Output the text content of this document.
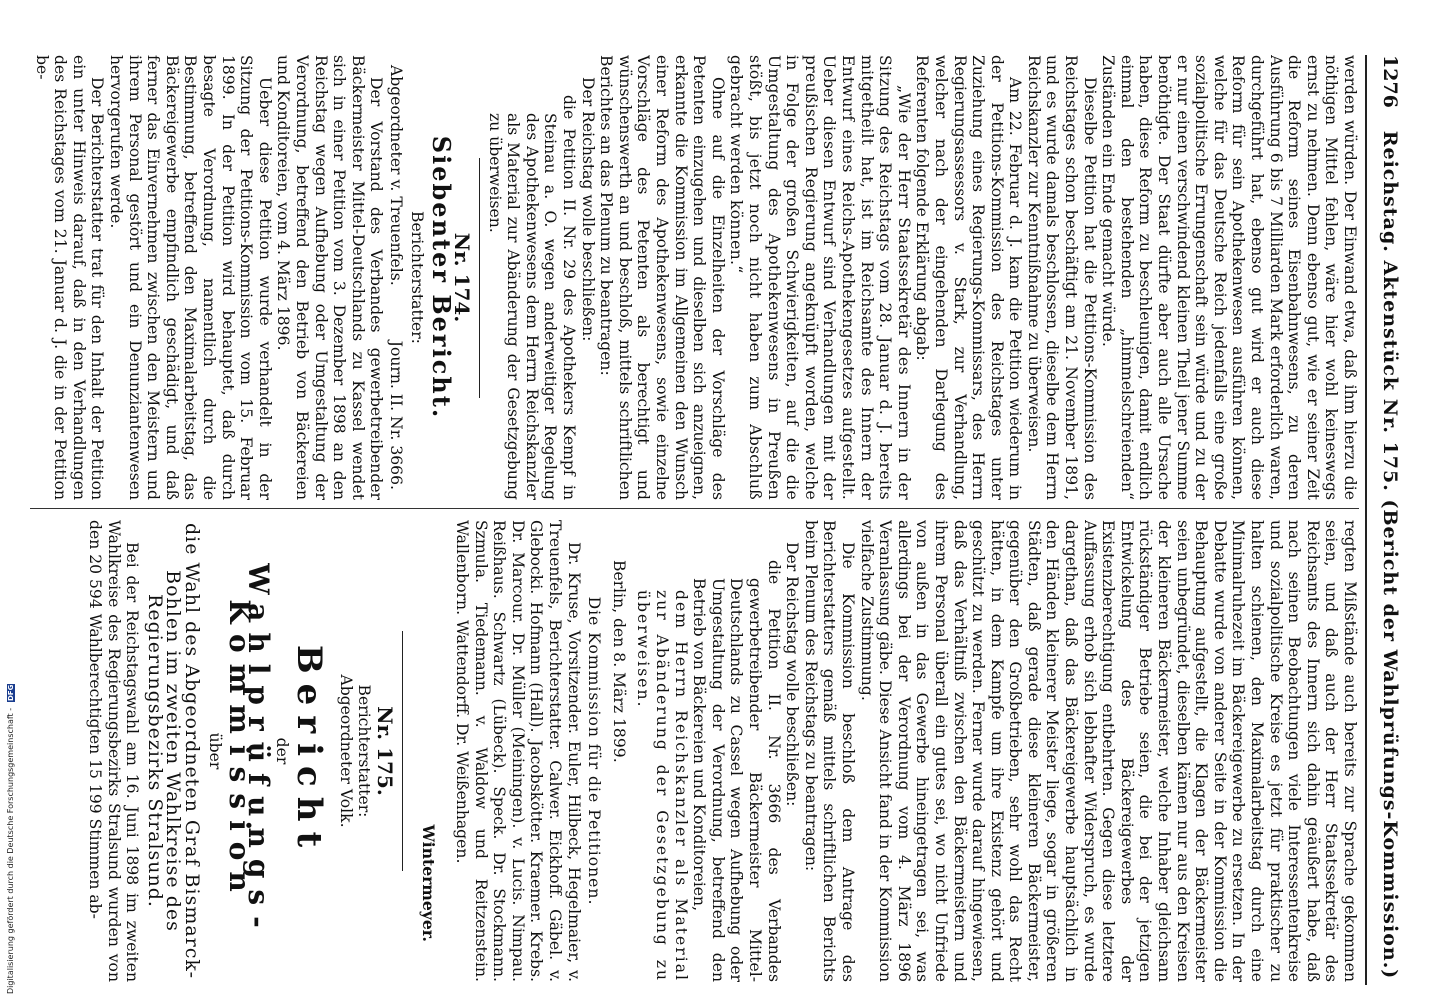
1276
Reichstag. Aktenstück Nr. 175. (Bericht der Wahlprüfungs-Kommission.)

werden würden. Der Einwand etwa, daß ihm hierzu die nöthigen Mittel fehlen, wäre hier wohl keineswegs ernst zu nehmen. Denn ebenso gut, wie er seiner Zeit die Reform seines Eisenbahnwesens, zu deren Ausführung 6 bis 7 Milliarden Mark erforderlich waren, durchgeführt hat, ebenso gut wird er auch diese Reform für sein Apothekenwesen ausführen können, welche für das Deutsche Reich jedenfalls eine große sozialpolitische Errungenschaft sein würde und zu der er nur einen verschwindend kleinen Theil jener Summe benöthigte. Der Staat dürfte aber auch alle Ursache haben, diese Reform zu beschleunigen, damit endlich einmal den bestehenden „himmelschreienden“ Zuständen ein Ende gemacht würde.

Dieselbe Petition hat die Petitions-Kommission des Reichstages schon beschäftigt am 21. November 1891, und es wurde damals beschlossen, dieselbe dem Herrn Reichskanzler zur Kenntnißnahme zu überweisen.

Am 22. Februar d. J. kam die Petition wiederum in der Petitions-Kommission des Reichstages unter Zuziehung eines Regierungs-Kommissars, des Herrn Regierungsassessors v. Stark, zur Verhandlung, welcher nach der eingehenden Darlegung des Referenten folgende Erklärung abgab:

„Wie der Herr Staatssekretär des Innern in der Sitzung des Reichstags vom 28. Januar d. J. bereits mitgetheilt hat, ist im Reichsamte des Innern der Entwurf eines Reichs-Apothekengesetzes aufgestellt. Ueber diesen Entwurf sind Verhandlungen mit der preußischen Regierung angeknüpft worden, welche in Folge der großen Schwierigkeiten, auf die die Umgestaltung des Apothekenwesens in Preußen stößt, bis jetzt noch nicht haben zum Abschluß gebracht werden können.“

Ohne auf die Einzelheiten der Vorschläge des Petenten einzugehen und dieselben sich anzueignen, erkannte die Kommission im Allgemeinen den Wunsch einer Reform des Apothekenwesens, sowie einzelne Vorschläge des Petenten als berechtigt und wünschenswerth an und beschloß, mittels schriftlichen Berichtes an das Plenum zu beantragen:

Der Reichstag wolle beschließen:

die Petition II. Nr. 29 des Apothekers Kempf in Steinau a. O. wegen anderweitiger Regelung des Apothekenwesens dem Herrn Reichskanzler als Material zur Abänderung der Gesetzgebung zu überweisen.

Nr. 174.
Siebenter Bericht.
Berichterstatter:
Abgeordneter v. Treuenfels.
Journ. II. Nr. 3666.

Der Vorstand des Verbandes gewerbetreibender Bäckermeister Mittel-Deutschlands zu Kassel wendet sich in einer Petition vom 3. Dezember 1898 an den Reichstag wegen Aufhebung oder Umgestaltung der Verordnung, betreffend den Betrieb von Bäckereien und Konditoreien, vom 4. März 1896.

Ueber diese Petition wurde verhandelt in der Sitzung der Petitions-Kommission vom 15. Februar 1899. In der Petition wird behauptet, daß durch besagte Verordnung, namentlich durch die Bestimmung, betreffend den Maximalarbeitstag, das Bäckereigewerbe empfindlich geschädigt, und daß ferner das Einvernehmen zwischen den Meistern und ihrem Personal gestört und ein Denunziantenwesen hervorgerufen werde.

Der Berichterstatter trat für den Inhalt der Petition ein unter Hinweis darauf, daß in den Verhandlungen des Reichstages vom 21. Januar d. J. die in der Petition be-

regten Mißstände auch bereits zur Sprache gekommen seien, und daß auch der Herr Staatssekretär des Reichsamts des Innern sich dahin geäußert habe, daß nach seinen Beobachtungen viele Interessentenkreise und sozialpolitische Kreise es jetzt für praktischer zu halten schienen, den Maximalarbeitstag durch eine Minimalruhezeit im Bäckereigewerbe zu ersetzen. In der Debatte wurde von anderer Seite in der Kommission die Behauptung aufgestellt, die Klagen der Bäckermeister seien unbegründet, dieselben kämen nur aus den Kreisen der kleineren Bäckermeister, welche Inhaber gleichsam rückständiger Betriebe seien, die bei der jetzigen Entwickelung des Bäckereigewerbes der Existenzberechtigung entbehrten. Gegen diese letztere Auffassung erhob sich lebhafter Widerspruch, es wurde dargethan, daß das Bäckereigewerbe hauptsächlich in den Händen kleinerer Meister liege, sogar in größeren Städten, daß gerade diese kleineren Bäckermeister, gegenüber den Großbetrieben, sehr wohl das Recht hätten, in dem Kampfe um ihre Existenz gehört und geschützt zu werden. Ferner wurde darauf hingewiesen, daß das Verhältniß zwischen den Bäckermeistern und ihrem Personal überall ein gutes sei, wo nicht Unfriede von außen in das Gewerbe hineingetragen sei, was allerdings bei der Verordnung vom 4. März 1896 Veranlassung gäbe. Diese Ansicht fand in der Kommission vielfache Zustimmung.

Die Kommission beschloß dem Antrage des Berichterstatters gemäß mittels schriftlichen Berichts beim Plenum des Reichstags zu beantragen:

Der Reichstag wolle beschließen:

die Petition II. Nr. 3666 des Verbandes gewerbetreibender Bäckermeister Mittel-Deutschlands zu Cassel wegen Aufhebung oder Umgestaltung der Verordnung, betreffend den Betrieb von Bäckereien und Konditoreien,

dem Herrn Reichskanzler als Material zur Abänderung der Gesetzgebung zu überweisen.

Berlin, den 8. März 1899.

Die Kommission für die Petitionen.

Dr. Kruse, Vorsitzender. Euler, Hilbeck, Hegelmaier, v. Treuenfels, Berichterstatter. Calwer. Eickhoff. Gäbel. v. Glebocki. Hofmann (Hall). Jacobskötter. Kraemer. Krebs. Dr. Marcour. Dr. Müller (Meiningen). v. Lucis. Nimpau. Reißhaus. Schwartz (Lübeck). Speck. Dr. Stockmann. Szmula. Tiedemann. v. Waldow und Reitzenstein. Wallenborn. Wattendorff. Dr. Weißenhagen.

Wintermeyer.

Nr. 175.
Berichterstatter:
Abgeordneter Volk.
Bericht
der
Wahlprüfungs-Kommission
über
die Wahl des Abgeordneten Graf Bismarck-Bohlen im zweiten Wahlkreise des Regierungsbezirks Stralsund.

Bei der Reichstagswahl am 16. Juni 1898 im zweiten Wahlkreise des Regierungsbezirks Stralsund wurden von den 20 594 Wahlberechtigten 15 199 Stimmen ab-

Digitalisierung gefördert durch die Deutsche Forschungsgemeinschaft - DFG
